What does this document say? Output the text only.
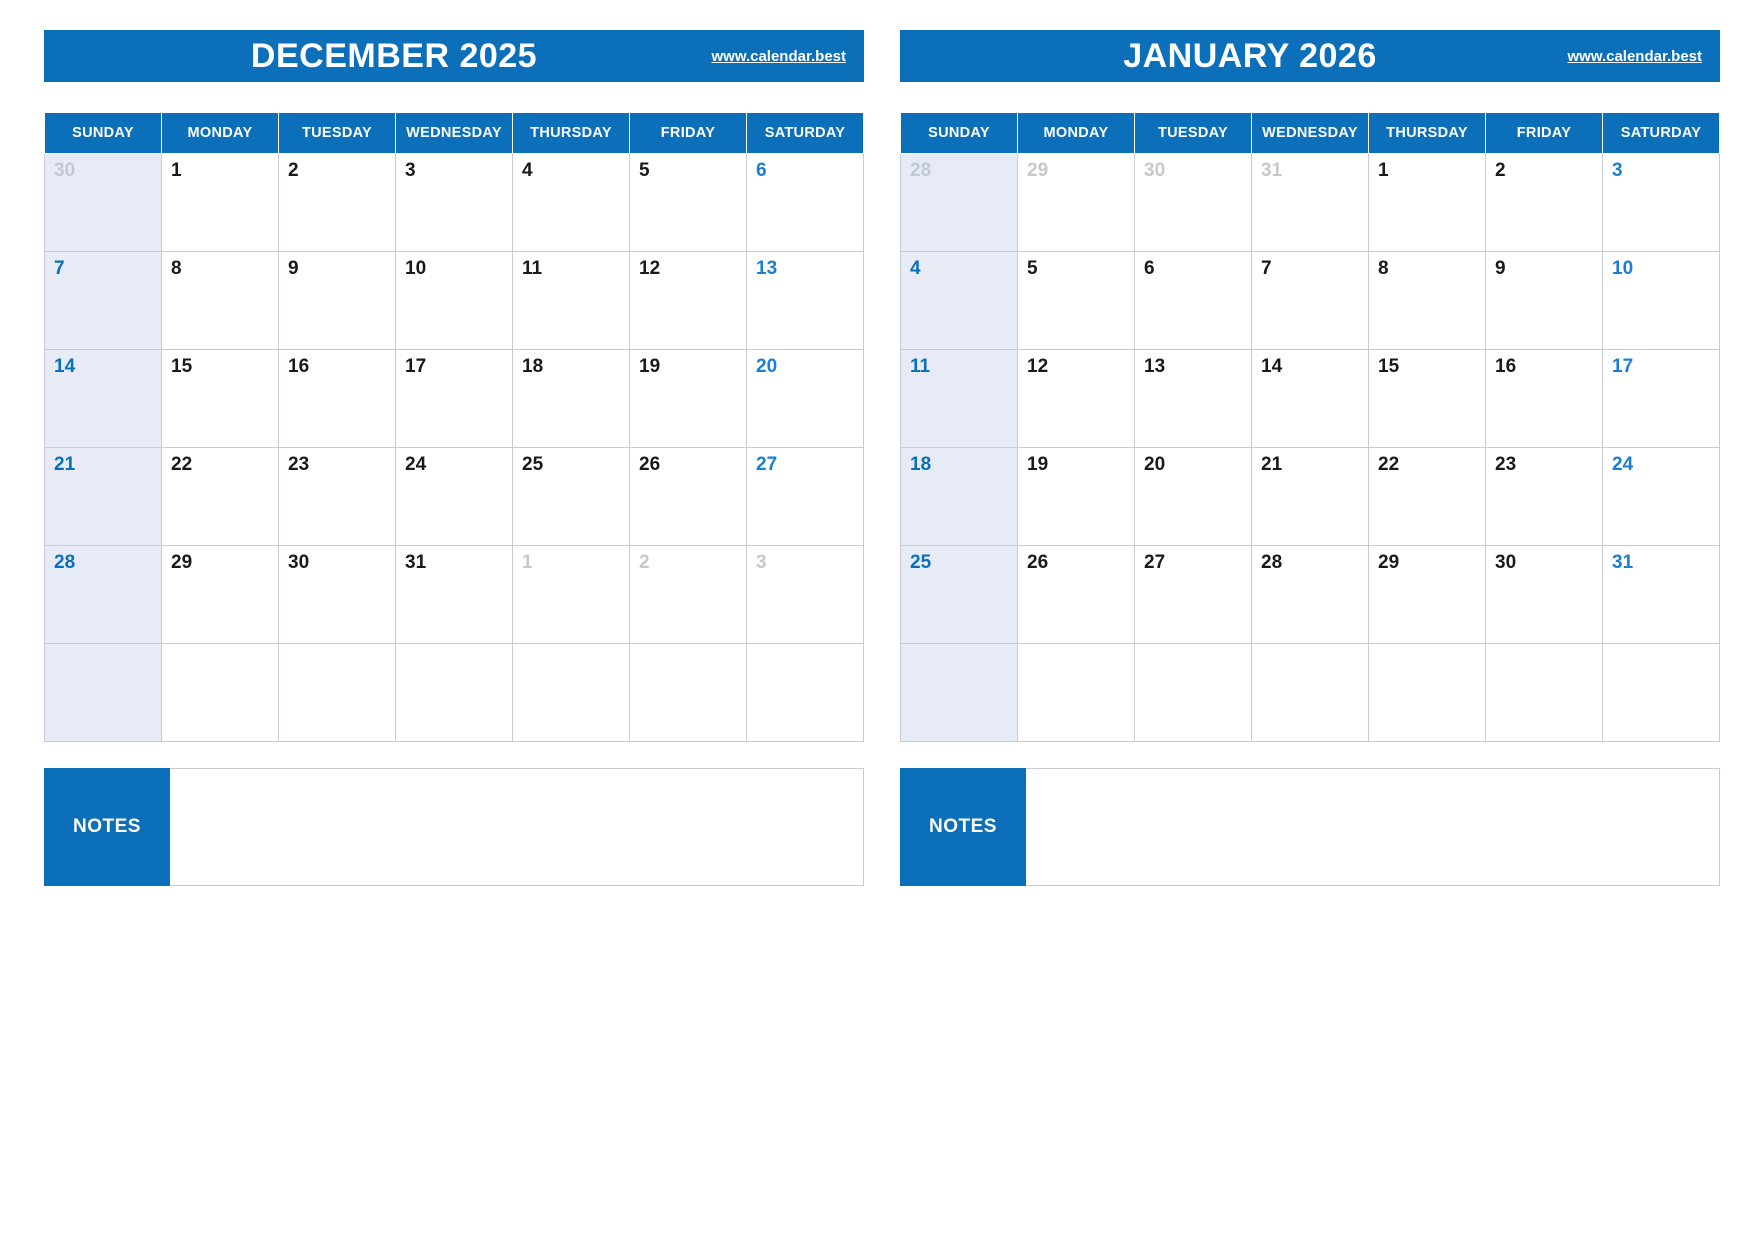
DECEMBER 2025	www.calendar.best
SUNDAY	MONDAY	TUESDAY	WEDNESDAY	THURSDAY	FRIDAY	SATURDAY
30	1	2	3	4	5	6
7	8	9	10	11	12	13
14	15	16	17	18	19	20
21	22	23	24	25	26	27
28	29	30	31	1	2	3

NOTES
JANUARY 2026	www.calendar.best
SUNDAY	MONDAY	TUESDAY	WEDNESDAY	THURSDAY	FRIDAY	SATURDAY
28	29	30	31	1	2	3
4	5	6	7	8	9	10
11	12	13	14	15	16	17
18	19	20	21	22	23	24
25	26	27	28	29	30	31

NOTES
